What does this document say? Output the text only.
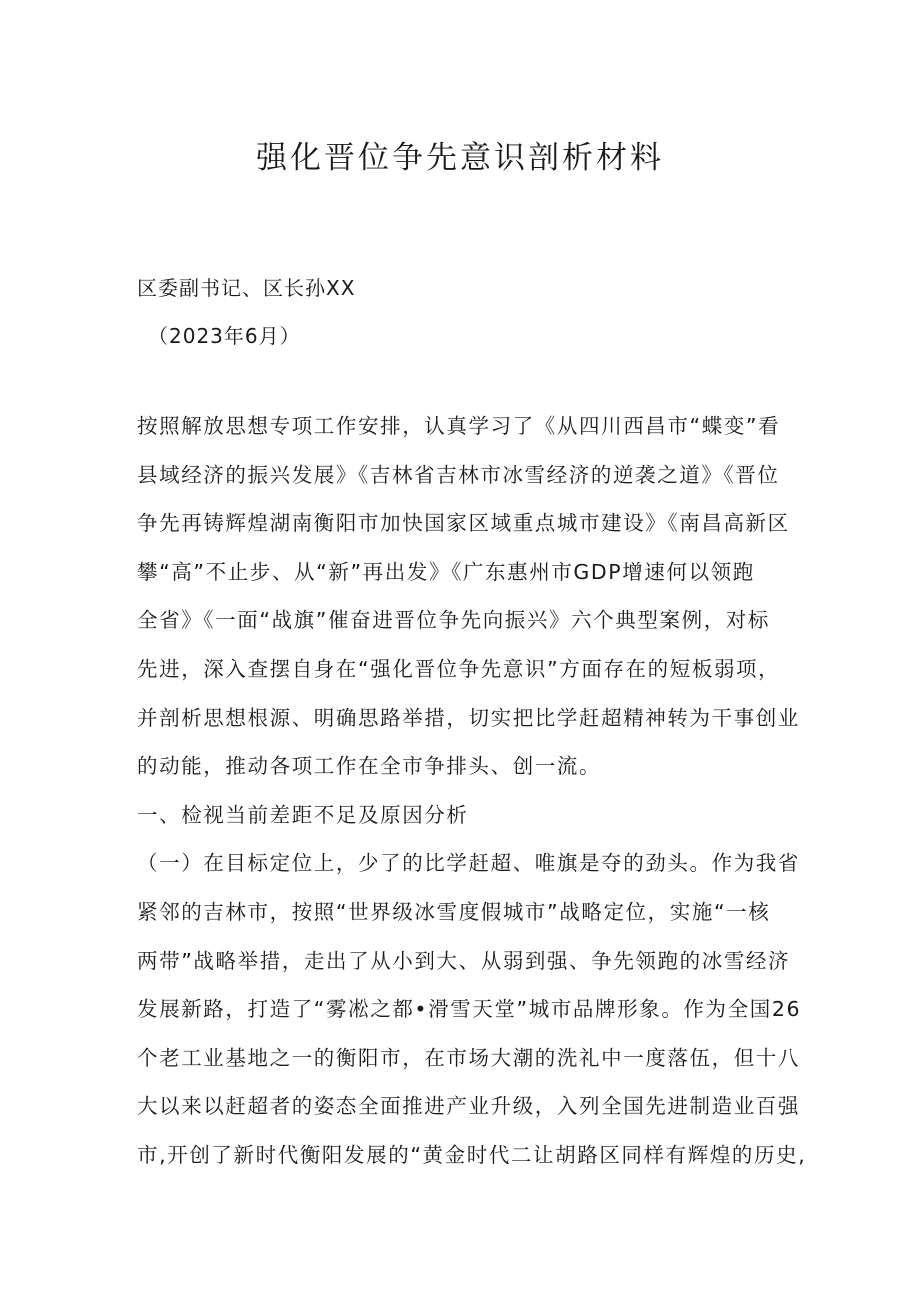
强化晋位争先意识剖析材料
区委副书记、区长孙XX
（2023年6月）
按照解放思想专项工作安排，认真学习了《从四川西昌市“蝶变”看
县域经济的振兴发展》《吉林省吉林市冰雪经济的逆袭之道》《晋位
争先再铸辉煌湖南衡阳市加快国家区域重点城市建设》《南昌高新区
攀“高”不止步、从“新”再出发》《广东惠州市GDP增速何以领跑
全省》《一面“战旗”催奋进晋位争先向振兴》六个典型案例，对标
先进，深入查摆自身在“强化晋位争先意识”方面存在的短板弱项，
并剖析思想根源、明确思路举措，切实把比学赶超精神转为干事创业
的动能，推动各项工作在全市争排头、创一流。
一、检视当前差距不足及原因分析
（一）在目标定位上，少了的比学赶超、唯旗是夺的劲头。作为我省
紧邻的吉林市，按照“世界级冰雪度假城市”战略定位，实施“一核
两带”战略举措，走出了从小到大、从弱到强、争先领跑的冰雪经济
发展新路，打造了“雾凇之都•滑雪天堂”城市品牌形象。作为全国26
个老工业基地之一的衡阳市，在市场大潮的洗礼中一度落伍，但十八
大以来以赶超者的姿态全面推进产业升级，入列全国先进制造业百强
市,开创了新时代衡阳发展的“黄金时代二让胡路区同样有辉煌的历史,
